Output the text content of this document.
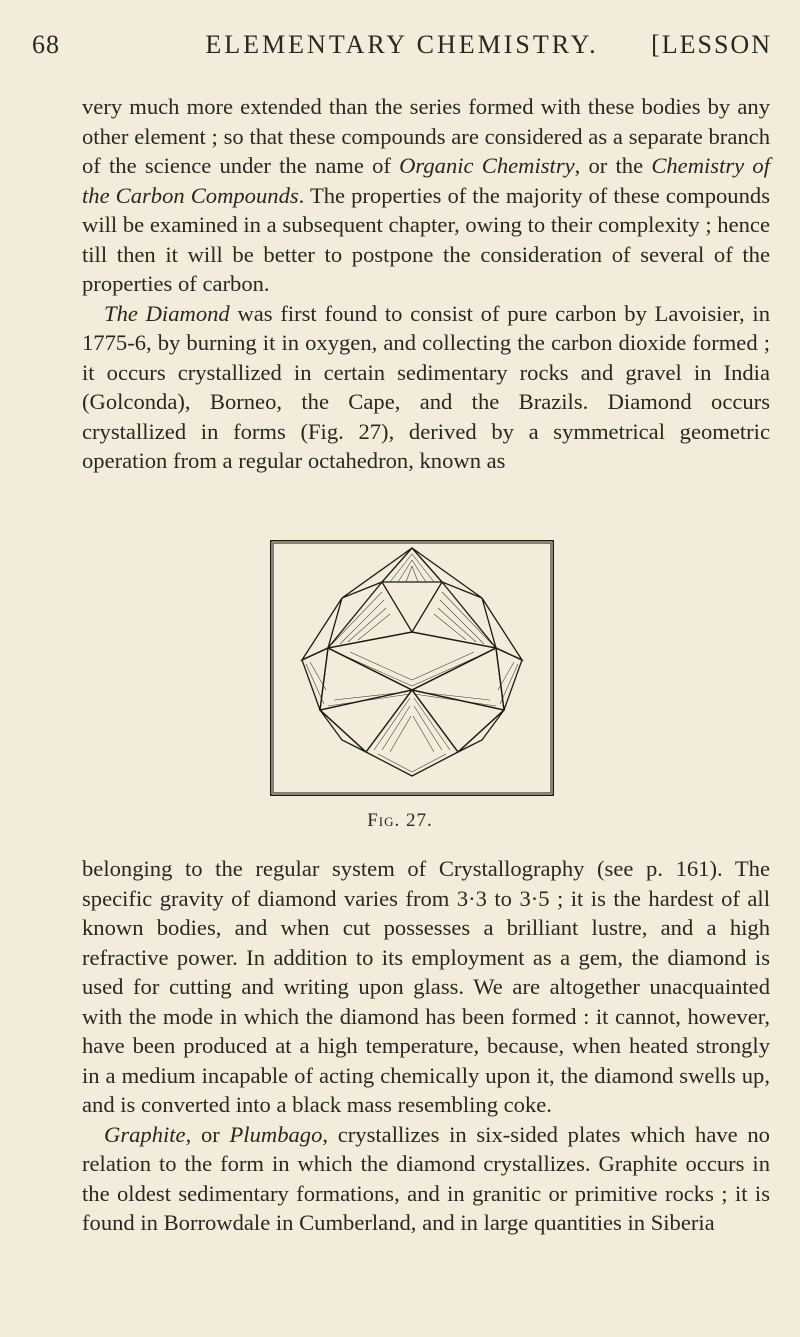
68	ELEMENTARY CHEMISTRY.	[LESSON

very much more extended than the series formed with these bodies by any other element ; so that these compounds are considered as a separate branch of the science under the name of Organic Chemistry, or the Chemistry of the Carbon Compounds. The properties of the majority of these compounds will be examined in a subsequent chapter, owing to their complexity ; hence till then it will be better to postpone the consideration of several of the properties of carbon.

The Diamond was first found to consist of pure carbon by Lavoisier, in 1775-6, by burning it in oxygen, and collecting the carbon dioxide formed ; it occurs crystallized in certain sedimentary rocks and gravel in India (Golconda), Borneo, the Cape, and the Brazils. Diamond occurs crystallized in forms (Fig. 27), derived by a symmetrical geometric operation from a regular octahedron, known as

Fig. 27.

belonging to the regular system of Crystallography (see p. 161). The specific gravity of diamond varies from 3·3 to 3·5 ; it is the hardest of all known bodies, and when cut possesses a brilliant lustre, and a high refractive power. In addition to its employment as a gem, the diamond is used for cutting and writing upon glass. We are altogether unacquainted with the mode in which the diamond has been formed : it cannot, however, have been produced at a high temperature, because, when heated strongly in a medium incapable of acting chemically upon it, the diamond swells up, and is converted into a black mass resembling coke.

Graphite, or Plumbago, crystallizes in six-sided plates which have no relation to the form in which the diamond crystallizes. Graphite occurs in the oldest sedimentary formations, and in granitic or primitive rocks ; it is found in Borrowdale in Cumberland, and in large quantities in Siberia
